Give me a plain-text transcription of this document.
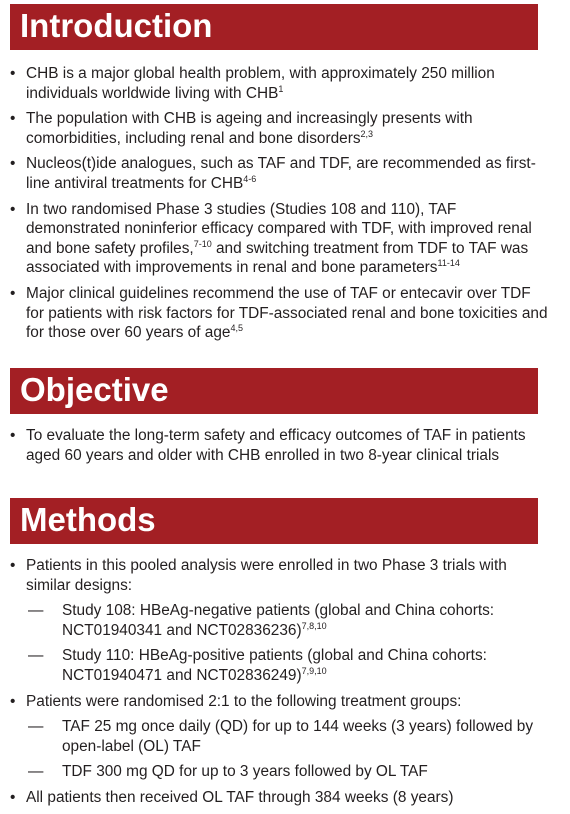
Introduction
• CHB is a major global health problem, with approximately 250 million individuals worldwide living with CHB$^1$
• The population with CHB is ageing and increasingly presents with comorbidities, including renal and bone disorders$^{2,3}$
• Nucleos(t)ide analogues, such as TAF and TDF, are recommended as first-line antiviral treatments for CHB$^{4-6}$
• In two randomised Phase 3 studies (Studies 108 and 110), TAF demonstrated noninferior efficacy compared with TDF, with improved renal and bone safety profiles,$^{7-10}$ and switching treatment from TDF to TAF was associated with improvements in renal and bone parameters$^{11-14}$
• Major clinical guidelines recommend the use of TAF or entecavir over TDF for patients with risk factors for TDF-associated renal and bone toxicities and for those over 60 years of age$^{4,5}$
Objective
• To evaluate the long-term safety and efficacy outcomes of TAF in patients aged 60 years and older with CHB enrolled in two 8-year clinical trials
Methods
• Patients in this pooled analysis were enrolled in two Phase 3 trials with similar designs:
— Study 108: HBeAg-negative patients (global and China cohorts: NCT01940341 and NCT02836236)$^{7,8,10}$
— Study 110: HBeAg-positive patients (global and China cohorts: NCT01940471 and NCT02836249)$^{7,9,10}$
• Patients were randomised 2:1 to the following treatment groups:
— TAF 25 mg once daily (QD) for up to 144 weeks (3 years) followed by open-label (OL) TAF
— TDF 300 mg QD for up to 3 years followed by OL TAF
• All patients then received OL TAF through 384 weeks (8 years)
